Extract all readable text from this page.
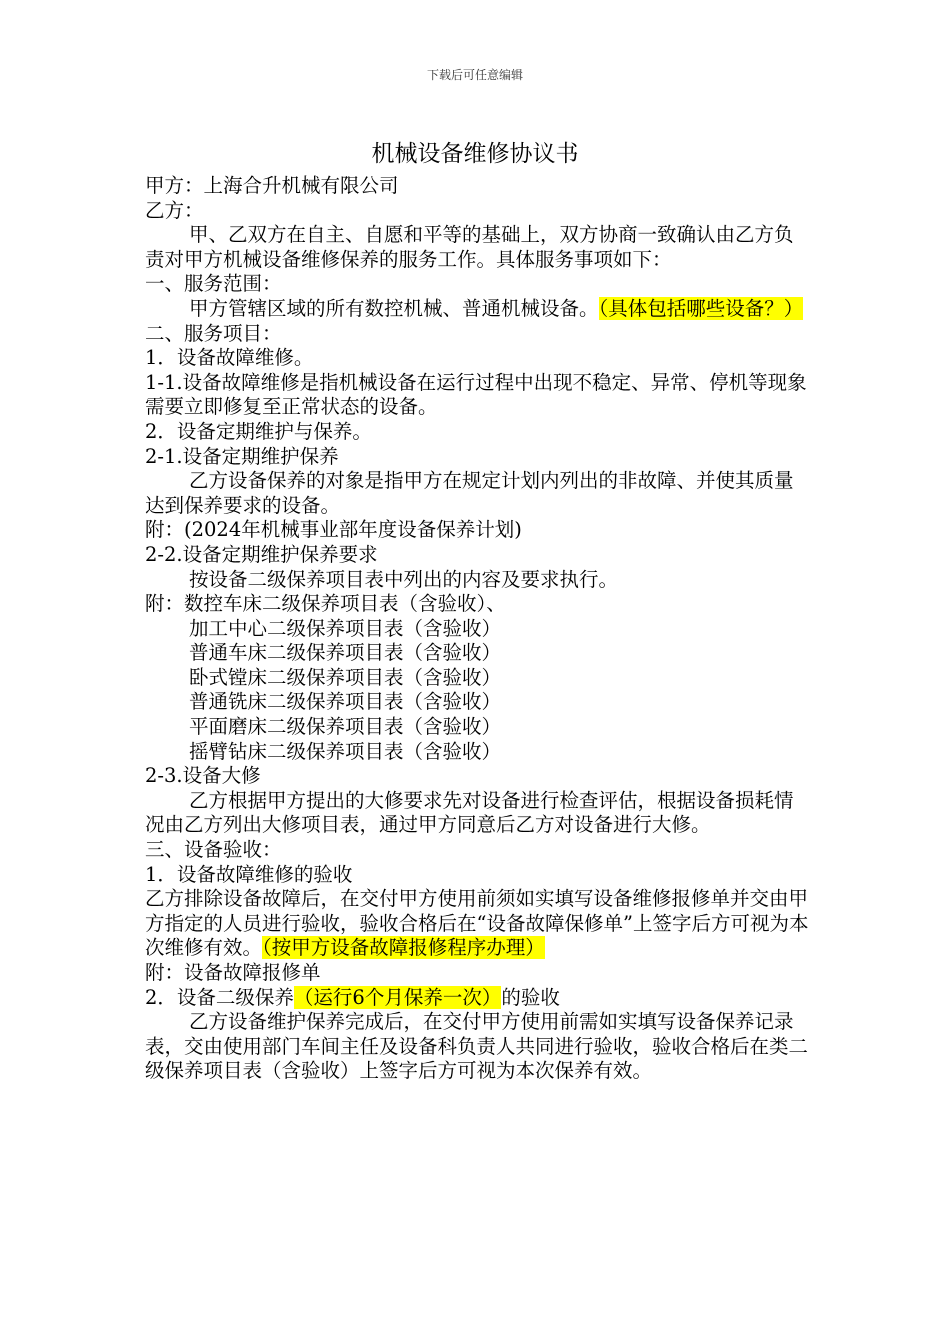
下载后可任意编辑
机械设备维修协议书

甲方：上海合升机械有限公司

乙方：

甲、乙双方在自主、自愿和平等的基础上，双方协商一致确认由乙方负责对甲方机械设备维修保养的服务工作。具体服务事项如下：

一、服务范围：

甲方管辖区域的所有数控机械、普通机械设备。（具体包括哪些设备？）

二、服务项目：

1．设备故障维修。

1-1.设备故障维修是指机械设备在运行过程中出现不稳定、异常、停机等现象需要立即修复至正常状态的设备。

2．设备定期维护与保养。

2-1.设备定期维护保养

乙方设备保养的对象是指甲方在规定计划内列出的非故障、并使其质量达到保养要求的设备。

附：(2024年机械事业部年度设备保养计划)

2-2.设备定期维护保养要求

按设备二级保养项目表中列出的内容及要求执行。

附：数控车床二级保养项目表（含验收）、

加工中心二级保养项目表（含验收）

普通车床二级保养项目表（含验收）

卧式镗床二级保养项目表（含验收）

普通铣床二级保养项目表（含验收）

平面磨床二级保养项目表（含验收）

摇臂钻床二级保养项目表（含验收）

2-3.设备大修

乙方根据甲方提出的大修要求先对设备进行检查评估，根据设备损耗情况由乙方列出大修项目表，通过甲方同意后乙方对设备进行大修。

三、设备验收：

1．设备故障维修的验收

乙方排除设备故障后，在交付甲方使用前须如实填写设备维修报修单并交由甲方指定的人员进行验收，验收合格后在“设备故障保修单”上签字后方可视为本次维修有效。（按甲方设备故障报修程序办理）

附：设备故障报修单

2．设备二级保养（运行6个月保养一次）的验收

乙方设备维护保养完成后，在交付甲方使用前需如实填写设备保养记录表，交由使用部门车间主任及设备科负责人共同进行验收，验收合格后在类二级保养项目表（含验收）上签字后方可视为本次保养有效。
